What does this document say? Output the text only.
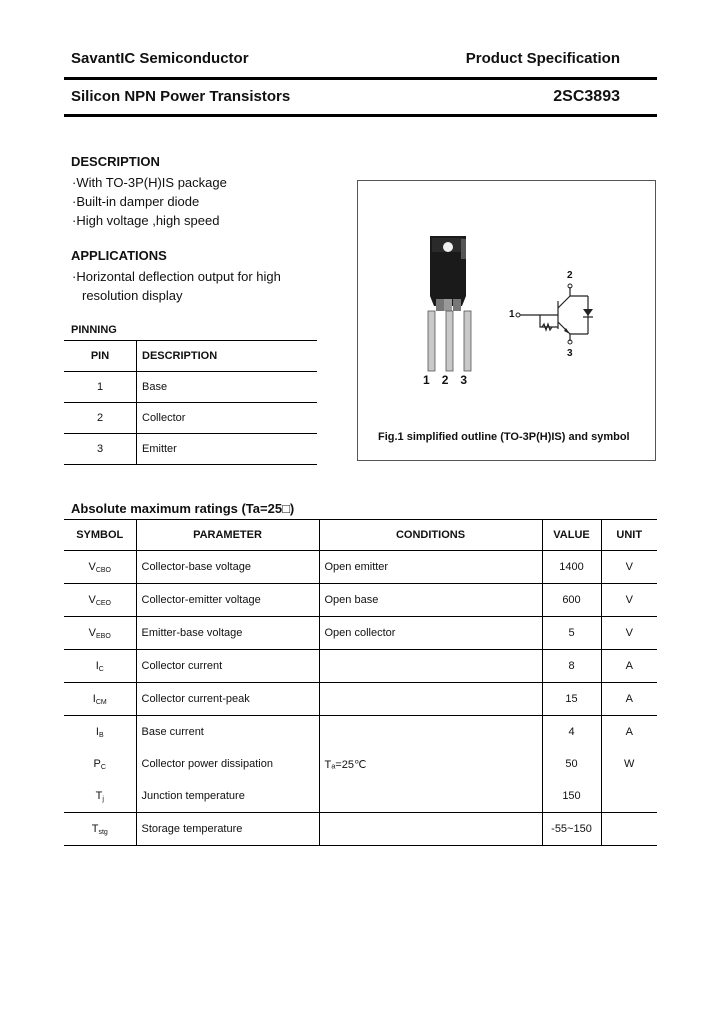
SavantIC Semiconductor	Product Specification
Silicon NPN Power Transistors	2SC3893
DESCRIPTION
·With TO-3P(H)IS package
·Built-in damper diode
·High voltage ,high speed
APPLICATIONS
·Horizontal deflection output for high
resolution display
PINNING
PIN	DESCRIPTION
1	Base
2	Collector
3	Emitter
123
1
2
3
Fig.1 simplified outline (TO-3P(H)IS) and symbol
Absolute maximum ratings (Ta=25□)
SYMBOL	PARAMETER	CONDITIONS	VALUE	UNIT
$V_{CBO}$	Collector-base voltage	Open emitter	1400	V
$V_{CEO}$	Collector-emitter voltage	Open base	600	V
$V_{EBO}$	Emitter-base voltage	Open collector	5	V
$I_C$	Collector current		8	A
$I_{CM}$	Collector current-peak		15	A
$I_B$	Base current		4	A
$P_C$	Collector power dissipation	Tₐ=25℃	50	W
$T_j$	Junction temperature		150	
$T_{stg}$	Storage temperature		-55~150	
